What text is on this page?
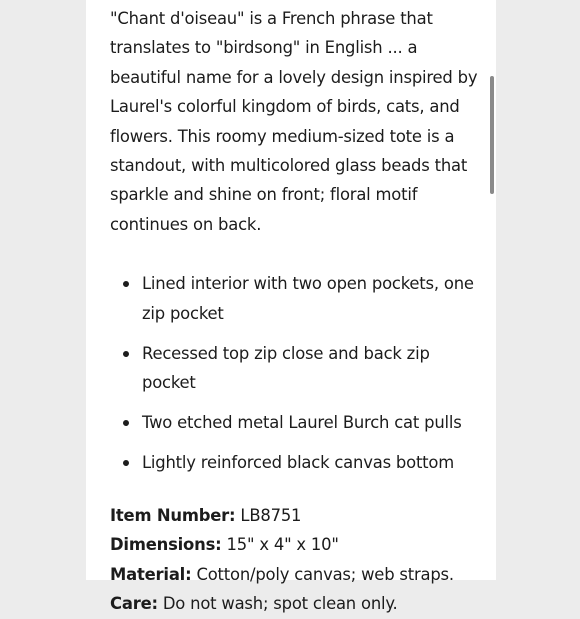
"Chant d'oiseau" is a French phrase that translates to "birdsong" in English ... a beautiful name for a lovely design inspired by Laurel's colorful kingdom of birds, cats, and flowers. This roomy medium-sized tote is a standout, with multicolored glass beads that sparkle and shine on front; floral motif continues on back.

Lined interior with two open pockets, one zip pocket
Recessed top zip close and back zip pocket
Two etched metal Laurel Burch cat pulls
Lightly reinforced black canvas bottom
Item Number: LB8751
Dimensions: 15" x 4" x 10"
Material: Cotton/poly canvas; web straps.
Care: Do not wash; spot clean only.
